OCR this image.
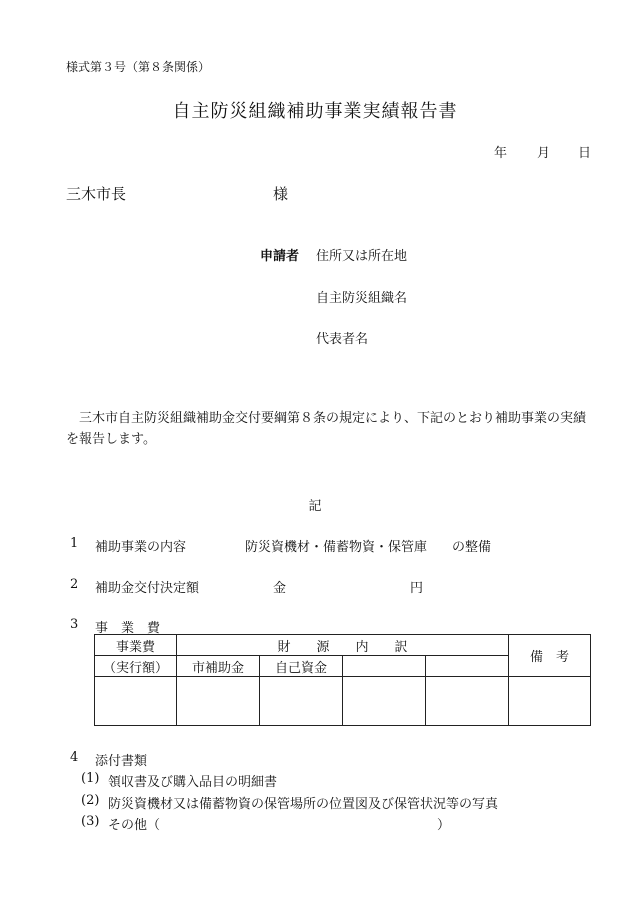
様式第３号（第８条関係）
自主防災組織補助事業実績報告書
年 月 日
三木市長	様
申請者 住所又は所在地
自主防災組織名
代表者名
三木市自主防災組織補助金交付要綱第８条の規定により、下記のとおり補助事業の実績を報告します。
記
1 補助事業の内容	防災資機材・備蓄物資・保管庫 の整備
2 補助金交付決定額	金	円
3 事　業　費
事業費	財　　源　　内　　訳				備　考
（実行額）	市補助金	自己資金			

4 添付書類
(1) 領収書及び購入品目の明細書
(2) 防災資機材又は備蓄物資の保管場所の位置図及び保管状況等の写真
(3) その他（	）
